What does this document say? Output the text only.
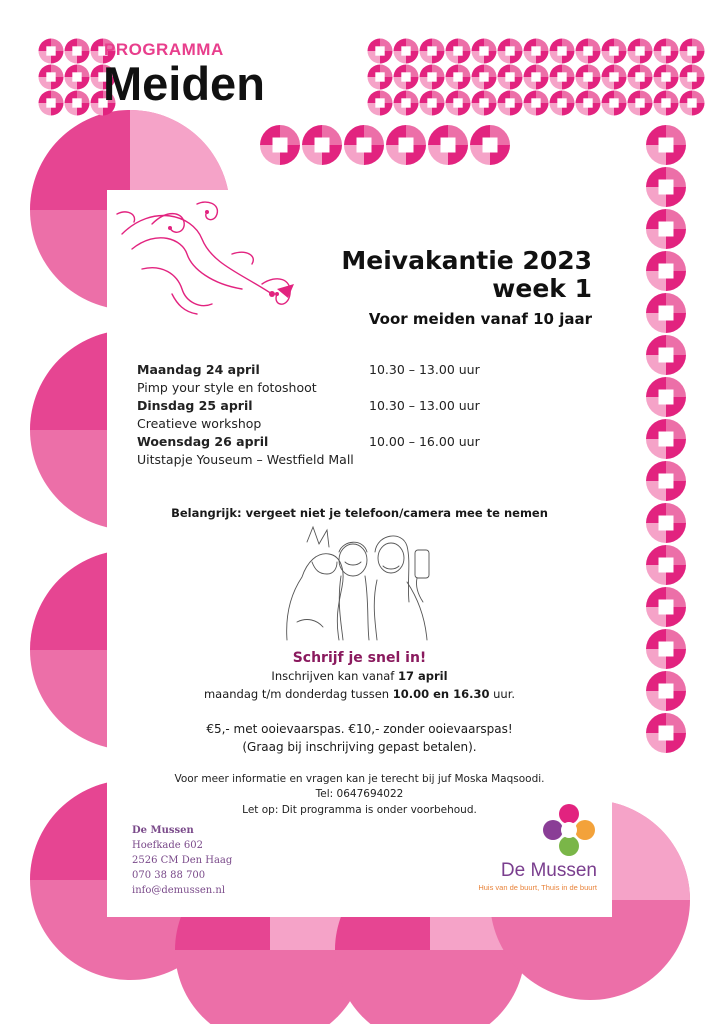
PROGRAMMA
Meiden
Meivakantie 2023
week 1
Voor meiden vanaf 10 jaar
Maandag 24 april	10.30 – 13.00 uur
Pimp your style en fotoshoot
Dinsdag 25 april	10.30 – 13.00 uur
Creatieve workshop
Woensdag 26 april	10.00 – 16.00 uur
Uitstapje Youseum – Westfield Mall
Belangrijk: vergeet niet je telefoon/camera mee te nemen
Schrijf je snel in!
Inschrijven kan vanaf 17 april
maandag t/m donderdag tussen 10.00 en 16.30 uur.
€5,- met ooievaarspas. €10,- zonder ooievaarspas!
(Graag bij inschrijving gepast betalen).
Voor meer informatie en vragen kan je terecht bij juf Moska Maqsoodi.
Tel: 0647694022
Let op: Dit programma is onder voorbehoud.
De Mussen
Hoefkade 602
2526 CM Den Haag
070 38 88 700
info@demussen.nl
De Mussen
Huis van de buurt, Thuis in de buurt
